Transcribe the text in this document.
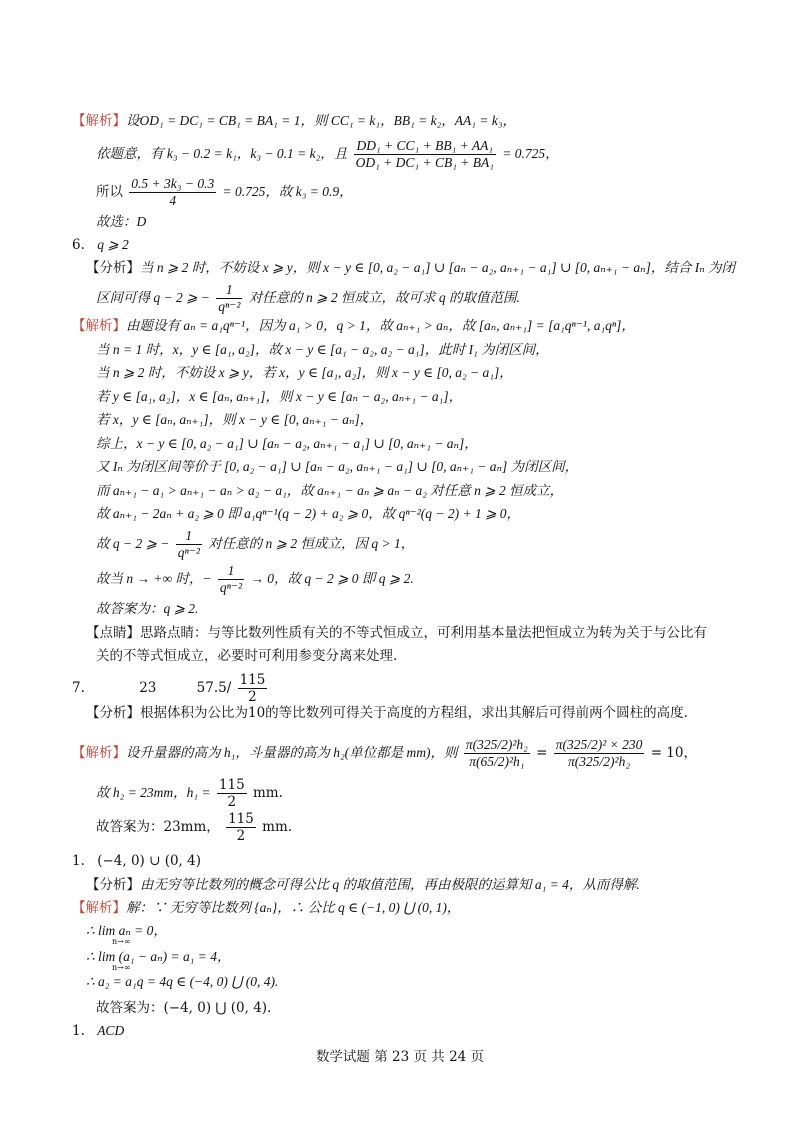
【解析】设OD₁ = DC₁ = CB₁ = BA₁ = 1，则 CC₁ = k₁，BB₁ = k₂，AA₁ = k₃，
依题意，有 k₃ − 0.2 = k₁，k₃ − 0.1 = k₂，且 $\frac{\text{DD₁ + CC₁ + BB₁ + AA₁}}{\text{OD₁ + DC₁ + CB₁ + BA₁}} = 0.725$，
所以 $\frac{\text{0.5 + 3k₃ − 0.3}}{4} = 0.725$，故 k₃ = 0.9，
故选：D
6. q ⩾ 2
【分析】当 n ⩾ 2 时，不妨设 x ⩾ y，则 x − y ∈ [0, a₂ − a₁] ∪ [aₙ − a₂, aₙ₊₁ − a₁] ∪ [0, aₙ₊₁ − aₙ]，结合 Iₙ 为闭
区间可得 q − 2 ⩾ − $\frac{1}{\text{qⁿ⁻²}}$ 对任意的 n ⩾ 2 恒成立，故可求 q 的取值范围.
【解析】由题设有 aₙ = a₁qⁿ⁻¹，因为 a₁ > 0，q > 1，故 aₙ₊₁ > aₙ，故 [aₙ, aₙ₊₁] = [a₁qⁿ⁻¹, a₁qⁿ]，
当 n = 1 时，x，y ∈ [a₁, a₂]，故 x − y ∈ [a₁ − a₂, a₂ − a₁]，此时 I₁ 为闭区间，
当 n ⩾ 2 时，不妨设 x ⩾ y，若 x，y ∈ [a₁, a₂]，则 x − y ∈ [0, a₂ − a₁]，
若 y ∈ [a₁, a₂]，x ∈ [aₙ, aₙ₊₁]，则 x − y ∈ [aₙ − a₂, aₙ₊₁ − a₁]，
若 x，y ∈ [aₙ, aₙ₊₁]，则 x − y ∈ [0, aₙ₊₁ − aₙ]，
综上，x − y ∈ [0, a₂ − a₁] ∪ [aₙ − a₂, aₙ₊₁ − a₁] ∪ [0, aₙ₊₁ − aₙ]，
又 Iₙ 为闭区间等价于 [0, a₂ − a₁] ∪ [aₙ − a₂, aₙ₊₁ − a₁] ∪ [0, aₙ₊₁ − aₙ] 为闭区间，
而 aₙ₊₁ − a₁ > aₙ₊₁ − aₙ > a₂ − a₁，故 aₙ₊₁ − aₙ ⩾ aₙ − a₂ 对任意 n ⩾ 2 恒成立，
故 aₙ₊₁ − 2aₙ + a₂ ⩾ 0 即 a₁qⁿ⁻¹(q − 2) + a₂ ⩾ 0，故 qⁿ⁻²(q − 2) + 1 ⩾ 0，
故 q − 2 ⩾ − $\frac{1}{\text{qⁿ⁻²}}$ 对任意的 n ⩾ 2 恒成立，因 q > 1，
故当 n → +∞ 时，− $\frac{1}{\text{qⁿ⁻²}} \to 0$，故 q − 2 ⩾ 0 即 q ⩾ 2.
故答案为：q ⩾ 2.
【点睛】思路点睛：与等比数列性质有关的不等式恒成立，可利用基本量法把恒成立为转为关于与公比有
关的不等式恒成立，必要时可利用参变分离来处理.
7.	23	$57.5/ \frac{115}{2}$
【分析】根据体积为公比为10的等比数列可得关于高度的方程组，求出其解后可得前两个圆柱的高度.
【解析】设升量器的高为 h₁，斗量器的高为 h₂(单位都是 mm)，则 $\frac{\text{π(325/2)²h₂}}{\text{π(65/2)²h₁}} = \frac{\text{π(325/2)² × 230}}{\text{π(325/2)²h₂}} = 10$，
故 h₂ = 23mm，$h_1 = \frac{115}{2}$ mm.
故答案为：23mm， $\frac{115}{2}$ mm.
1. (−4, 0) ∪ (0, 4)
【分析】由无穷等比数列的概念可得公比 q 的取值范围，再由极限的运算知 a₁ = 4，从而得解.
【解析】解：∵ 无穷等比数列 {aₙ}，∴ 公比 q ∈ (−1, 0) ⋃ (0, 1)，
∴ lim aₙ = 0，
n→∞
∴ lim (a₁ − aₙ) = a₁ = 4，
n→∞
∴ a₂ = a₁q = 4q ∈ (−4, 0) ⋃ (0, 4).
故答案为：(−4, 0) ⋃ (0, 4).
1. ACD
数学试题 第 23 页 共 24 页
